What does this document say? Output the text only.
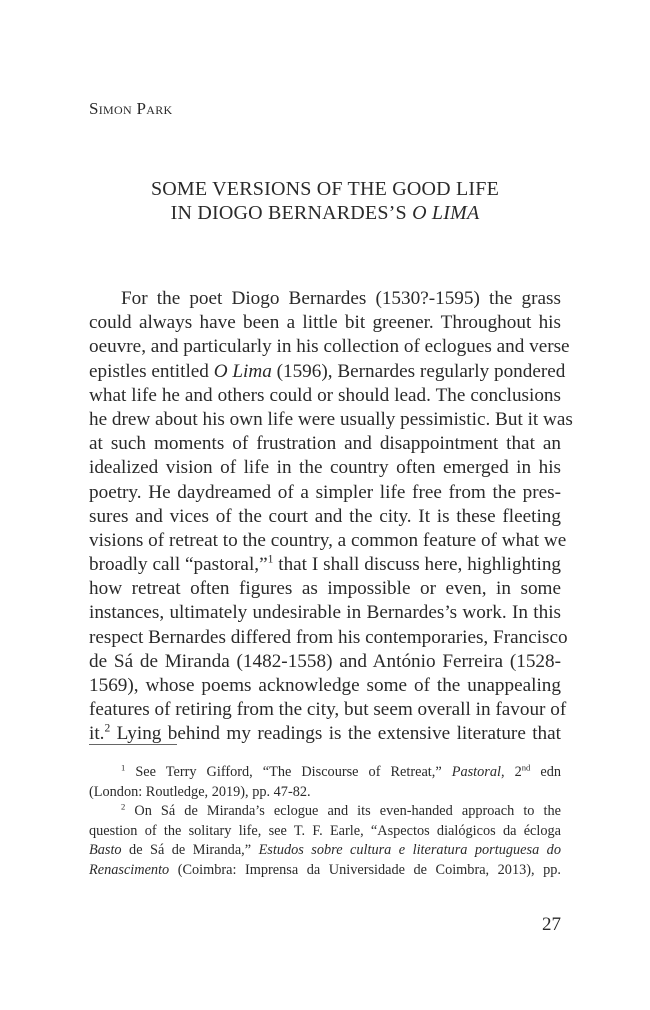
Simon Park
SOME VERSIONS OF THE GOOD LIFE
IN DIOGO BERNARDES’S O LIMA
For the poet Diogo Bernardes (1530?-1595) the grass
could always have been a little bit greener. Throughout his
oeuvre, and particularly in his collection of eclogues and verse
epistles entitled O Lima (1596), Bernardes regularly pondered
what life he and others could or should lead. The conclusions
he drew about his own life were usually pessimistic. But it was
at such moments of frustration and disappointment that an
idealized vision of life in the country often emerged in his
poetry. He daydreamed of a simpler life free from the pres-
sures and vices of the court and the city. It is these fleeting
visions of retreat to the country, a common feature of what we
broadly call “pastoral,”$^1$ that I shall discuss here, highlighting
how retreat often figures as impossible or even, in some
instances, ultimately undesirable in Bernardes’s work. In this
respect Bernardes differed from his contemporaries, Francisco
de Sá de Miranda (1482-1558) and António Ferreira (1528-
1569), whose poems acknowledge some of the unappealing
features of retiring from the city, but seem overall in favour of
it.$^2$ Lying behind my readings is the extensive literature that
$^1$ See Terry Gifford, “The Discourse of Retreat,” Pastoral, 2nd edn
(London: Routledge, 2019), pp. 47-82.
$^2$ On Sá de Miranda’s eclogue and its even-handed approach to the
question of the solitary life, see T. F. Earle, “Aspectos dialógicos da écloga
Basto de Sá de Miranda,” Estudos sobre cultura e literatura portuguesa do
Renascimento (Coimbra: Imprensa da Universidade de Coimbra, 2013), pp.
27
